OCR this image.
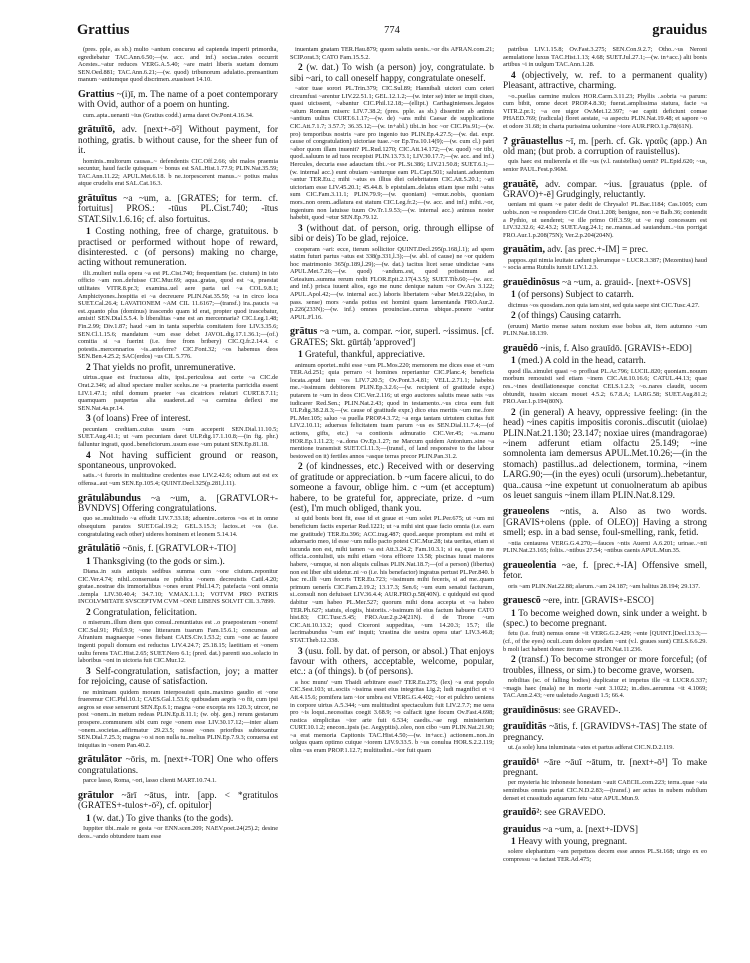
Grattius	774	grauidus
(pres. pple, as sb.) multo ~antum concursu ad capienda imperii primordia, egrediebatur TAC.Ann.6.50;—(w. acc. and inf.) socias..rates occurrit Acestes..~atur reduces VERG.A.5.40; ~are matri liberis suetam domum SEN.Oed.881; TAC.Ann.6.21;—(w. quod) tribunorum adulatio..prensantium manum ~antiumque quod discrimen..euasisset 14.10.
Grattius ~(i)ī, m. The name of a poet contemporary with Ovid, author of a poem on hunting.
cum..apta..uenanti ~ius (Gratius codd.) arma daret Ov.Pont.4.16.34.
grātuītō, adv. [next+-ō²] Without payment, for nothing, gratis. b without cause, for the sheer fun of it.
hominis..multorum causas..~ defendentis CIC.Off.2.66; ubi malos praemia secuntur, haud facile quisquam ~ bonus est SAL.Hist.1.77.9; PLIN.Nat.35.59; TAC.Ann.11.22; APUL.Met.6.18. b ne..torpescerent manus..~ potius malus atque crudelis erat SAL.Cat.16.3.
grātuītus ~a ~um, a. [GRATES; for term. cf. fortuitus] PROS.: -tūus PL.Cist.740; -ītus STAT.Silv.1.6.16; cf. also fortuitus.
1 Costing nothing, free of charge, gratuitous. b practised or performed without hope of reward, disinterested. c (of persons) making no charge, acting without remuneration.
illi..mulieri nulla opera ~a est PL.Cist.740; frequentiam (sc. ciuium) in isto officio ~am non..defuisse CIC.Mur.69; aqua..gratas, quod est ~a, praestat utilitates VITR.8.pr.3; examina..uel aere parta uel ~a COL.9.8.1; Amphictyones..hospitia ei ~a decreuere PLIN.Nat.35.59; ~a in circo loca SUET.Cal.26.4; LAVATIONEM ~AM CIL 11.6167;—(transf.) ira..paucis ~a est..quanto plus (dominus) irascendo quam id erat, propter quod irascebatur, amisit! SEN.Dial.5.5.4. b liberalitas ~ane est an mercennaria? CIC.Leg.1.48; Fin.2.99; Div.1.87; haud ~am in tanta superbia comitatem fore LIV.3.35.6; SEN.Cl.1.15.6; mandatum ~um esse debet JAVOL.dig.17.1.36.1;—(of.) comitia si ~a fuerint (i.e. free from bribery) CIC.Q.fr.2.14.4. c potestis..mercennarios ~is..anteferre? CIC.Font.32; ~os habemus deos SEN.Ben.4.25.2; SAC(erdos) ~us CIL 5.776.
2 That yields no profit, unremunerative.
uirtus..quae est fructuosa aliis, ipsi..periculosa aut certe ~a CIC.de Orat.2.346; ad aliud spectare mulier scelus..ne ~a praeterita parricidia essent LIV.1.47.1; nihil domum praeter ~as cicatrices relaturi CURT.8.7.11; quamquam paupertas alia suaderet..ad ~a carmina deflexi me SEN.Nat.4a.pr.14.
3 (of loans) Free of interest.
pecuniam creditam..cuius usum ~um acceperit SEN.Dial.11.10.5; SUET.Aug.41.1; ut ~am pecuniam daret ULP.dig.17.1.10.8;—(in fig. phr.) falluntur ingrati, quod..beneficiorum..usum esse ~um putant SEN.Ep.81.18.
4 Not having sufficient ground or reason, spontaneous, unprovoked.
satis..~i furoris in multitudine credentes esse LIV.2.42.6; odium aut est ex offensa..aut ~um SEN.Ep.105.4; QUINT.Decl.325(p.281,l.11).
grātulābundus ~a ~um, a. [GRATVLOR+-BVNDVS] Offering congratulations.
quo se..multitudo ~a effudit LIV.7.33.18; aduenire..ceteros ~os et in omne obsequium paratos SUET.Gal.19.2; GEL.3.15.3; lactos..et ~os (i.e. congratulating each other) uideres hominem et leonem 5.14.14.
grātulātiō ~ōnis, f. [GRATVLOR+-TIO]
1 Thanksgiving (to the gods or sim.).
Diana..in suis antiquis sedibus summa cum ~one ciuium..reponitur CIC.Ver.4.74; nihil..conseruata re publica ~onem decreuistis Catil.4.20; gratae..nostrae dis immortalibus ~ones erunt Phil.14.7; patefacta ~oni omnia ..templa LIV.30.40.4; 34.7.10; V.MAX.1.1.1; VOTVM PRO PATRIS INCOLVMITATE SVSCEPTVM CVM ~ONE LIBENS SOLVIT CIL 3.7899.
2 Congratulation, felicitation.
o miserum..illum diem quo consul..renuntiatus est ..o praeposteram ~onem! CIC.Sul.91; Phil.9.9; ~one litterarum tuarum Fam.15.6.1; concursus ad Afranium magnaeque ~ones fiebant CAES.Civ.1.53.2; cum ~one ac fauore ingenti populi domum est reductus LIV.4.24.7; 25.18.15; laetitiam et ~onem uultu ferens TAC.Hist.2.65; SUET.Nero 6.1; (pred. dat.) parenti suo..solacio in laboribus ~oni in uictoria fuit CIC.Mur.12.
3 Self-congratulation, satisfaction, joy; a matter for rejoicing, cause of satisfaction.
ne minimam quidem moram interposuisti quin..maximo gaudio et ~one frueremur CIC.Phil.10.1; CAES.Gal.1.53.6; quibusdam aegris ~o fit, cum ipsi aegros se esse senserunt SEN.Ep.6.1; magna ~one excepta res 120.3; utrcor, ne post ~onem..in metum redeas PLIN.Ep.8.11.1; (w. obj. gen.) rerum gestarum prospere..communem sibi cum rege ~onem esse LIV.30.17.12;—inter aliam ~onem..societas..adfirmatur 29.23.5; nosse ~ones prioribus subtexantur SEN.Dial.7.25.3; magna ~o si non nulla tu..melius PLIN.Ep.7.9.3; conuersa est iniquitas in ~onem Pan.40.2.
grātulātor ~ōris, m. [next+-TOR] One who offers congratulations.
parce lasso, Roma, ~ori, lasso clienti MART.10.74.1.
grātulor ~ārī ~ātus, intr. [app. < *gratitulos (GRATES+-tulos+-ō²), cf. opitulor]
1 (w. dat.) To give thanks (to the gods).
Iuppiter tibi..male re gesta ~or ENN.scen.209; NAEV.poet.24(25).2; desine deos..~ando obtundere tuam esse
inuentam gnatam TER.Hau.879; quom salutis uenis..~or dis AFRAN.com.21; SCIP.orat.3; CATO Fam.15.5.2.
2 (w. dat.) To wish (a person) joy, congratulate. b sibi ~ari, to call oneself happy, congratulate oneself.
~ator tuae sorori PL.Trin.379; CIC.Sul.89; Hannibali uictori cum ceteri circumfusi ~arentur LIV.22.51.1; GEL.12.1.2;—(w. inter se) inter se impii ciues, quasi uicissent, ~abantur CIC.Phil.12.18;—(ellipt.) Carthaginienses..legatos ~atum Romam miserc LIV.7.38.2; (pres. pple. as sb.) dissentire ab animis ~antium uultus CURT.6.1.17;—(w. de) ~ans mihi Caesar de supplicatione CIC.Att.7.1.7; 3.57.7; 36.35.12;—(w. in+abl.) tibi..in hoc ~or CIC.Pis.91;—(w. pro) temporibus nostris ~are pro ingenio tuo PLIN.Ep.4.27.5;—(w. dat. expr. cause of congratulation) uictoriae tuae..~or Ep.Tra.10.14(9);—(w. cum cl.) patri ~abor quom illam inuenit? PL.Rud.1270; CIC.Att.14.172;—(w. quod) ~or tibi, quod..saluum te ad tuos recepisti PLIN.13.73.1; LIV.30.17.7;—(w. acc. and inf.) Hercules, decuria esse adauctam tibi..~or PL.St.386; LIV.21.50.8; SUET.6.1;—(w. internal acc.) eunt obuiam ~anturque eam PL.Capt.501; salutant..aduentum ~antur TER.Eu..; mihi ~atus es illius diei celebritatem CIC.Att.5.20.1; ~ati uictoriam esse LIV.45.20.1; 45.44.8. b epistulam..delatus etiam ipse mihi ~atus sum CIC.Fam.3.11.1; PLIN.79.9;—(w. quoniam) ~emur..nobis, quoniam mors..non orem..adlatura est statum CIC.Leg.fr.2;—(w. acc. and inf.) mihi..~or, ingenium non latuisse tuum Ov.Tr.1.9.53;—(w. internal acc.) animus noster habebit, quod ~etur SEN.Ep.79.12.
3 (without dat. of person, orig. through ellipse of sibi or deis) To be glad, rejoice.
cooperam ~ari: ecce, iterum sollicitor QUINT.Decl.295(p.168,l.1); ad spem statim futuri partus ~atus est 338(p.331,l.3);—(w. abl. of cause) ne ~or quidem hoc matrimonio 365(p.189,l.29);—(w. dat.) tacitus licet serae uindictae ~ans APUL.Met.7.26;—(w. quod) ~andum..est, quod potissimum ad Ceteaium..summa rerum redit FLOR.Epit.2.17(4.3.5); SUET.Tib.60;—(w. acc. and inf.) prisca iuuent alios, ego me nunc denique natum ~or Ov.Ars 3.122; APUL.Apol.42;—(w. internal acc.) laboris libertatem ~abar Met.9.22;(also, in pass. sense) mors ~anda potius est homini quam lamentanda FRO.Aur.2. p.226(233N);—(w. inf.) omnes prouinciae..currus ubique..ponere ~antur APUL.Fl.16.
grātus ~a ~um, a. compar. ~ior, superl. ~issimus. [cf. GRATES; Skt. gūrtáḥ 'approved']
1 Grateful, thankful, appreciative.
animum oportet..mihi esse ~um PL.Mos.220; memorem me dices esse et ~um TER.Ad.251; quia perraro ~i homines reperiantur CIC.Planc.4; beneficia locata..apud tam ~os LIV.7.20.5; Ov.Pont.3.4.81; VELL.2.71.1; habebis me..~issimum debitorem PLIN.Ep.3.2.6;—(w. recipient of gratitude expr.) putarem te ~um in deos CIC.Ver.2.116; ut ergo auctores salutis meae satis ~us iudicarer Red.Sen.; PLIN.Nat.2.43; quod in testamento..~us circa eum fuit ULP.dig.38.2.8.3;—(w. cause of gratitude expr.) dico eius meritis ~um me..fore PL.Mer.105; saluo ~a puella PROP.4.3.72; ~a erga tantam uirtutem ciuitas fuit LIV.2.10.11; aduersus felicitatem tuam parum ~us es SEN.Dial.11.7.4;—(of actions, gifts, etc.) ~a contionis admuratio CIC.Ver.45; ~a..manu HOR.Ep.1.11.23; ~a..dona Ov.Ep.1.27; ne Marcum quidem Antonium..sine ~a mentione transmisit SUET.Cl.11.3;—(transf., of land responsive to the labour bestowed on it) fertiles annos ~asque terras precor PLIN.Pan.31.2.
2 (of kindnesses, etc.) Received with or deserving of gratitude or appreciation. b ~um facere alicui, to do someone a favour, oblige him. c ~um (et acceptum) habere, to be grateful for, appreciate, prize. d ~um (est), I'm much obliged, thank you.
si quid bonis boni fit, esse id et graue et ~um solet PL.Per.675; ut ~um mi beneficium factis experiar Rud.1221; ut ~a mihi sint quae facio omnia (i.e. earn me gratitude) TER.Eu.396; ACC.trag.487; quod..aeque promptum est mihi et aduersario meo, id esse ~um nullo pacto potest CIC.Mur.28; ista ueritas, etiam si iucunda non est, mihi tamen ~a est Att.3.24.2; Fam.10.3.1; si ea, quae in me officia..contulisti, uis mihi etiam ~iora efficere 13.58; piscinas iuuat maiores habere, ~umque, si non aliquis cullnas PLIN.Nat.18.7;—(of a person) (libertus) non est liber sibi uidetur..ni ~o (i.e. his benefactor) ingratus pertust PL.Per.840. b hac re..illi ~um feceris TER.Eu.723; ~issimum mihi feceris, si ad me..quam primum uenerís CIC.Fam.2.19.2; 13.17.3; Sen.6; ~um eum senatui facturum, si..consuli non defuisset LIV.36.4.4; AUR.FRO.p.58(40N). c quidquid est quod dabitur ~um habeo PL.Mer.527; quorum mihi dona accepta et ~a habeo TER.Ph.627; statuis, elogiis, historiis..~issimum id eius factum habuere CATO hist.83; CIC.Tusc.5.45; FRO.Aur.2.p.24(21N). d de Tirone ~um CIC.Att.10.13.2; quod Ciceroni suppeditas, ~um 14.20.3; 15.7; ille lacrimabundus '~um est' inquit; 'crastina die uestra opera utar' LIV.3.46.8; STAT.Theb.12.338.
3 (usu. foll. by dat. of person, or absol.) That enjoys favour with others, acceptable, welcome, popular, etc.: a (of things). b (of persons).
a hoc munu' ~um Thaidi arbitrare esse? TER.Eu.275; (lex) ~a erat populo CIC.Sest.103; ut..sociis ~issima esset eius integritas Lig.2; ludi magnifici et ~i Att.4.15.6; pomifera iam ~ior umbra est VERG.G.4.402; ~ior et pulchro ueniens in corpore uirtus A.5.344; ~um multitudini spectaculum fuit LIV.2.7.7; me uera pro ~is loqui..necessitas coegit 3.68.9; ~o calfacit igne focum Ov.Fast.4.698; rustica simplicitas ~ior arte fuit 6.534; caedis..~ae regi ministerium CURT.10.1.2; enecon..ipsis (sc. Aegyptiis)..oleo, non cibo ~um PLIN.Nat.21.90; ~a erat memoria Capitonis TAC.Hist.4.50;—(w. in+acc.) actionem..non..in uolgus quam optimo cuique ~iorem LIV.9.33.5. b ~us conulua HOR.S.2.2.119; olim ~us eram PROP.1.12.7; multitudini..~ior fuit quam
patribus LIV.1.15.8; Ov.Fast.3.275; SEN.Con.9.2.7; Otho..~us Neroni aemulatione luxus TAC.Hist.1.13; 4.68; SUET.Jul.27.1;—(w. in+acc.) alii bonis artibus ~i in uulgum TAC.Ann.1.28.
4 (objectively, w. ref. to a permanent quality) Pleasant, attractive, charming.
~o..puellas carmine mulces HOR.Carm.3.11.23; Phyllis ..sobria ~a parum: cum bibit, omne decet PROP.4.8.30; fuerat..amplissima statura, facie ~a VITR.2.pr.1; ~a ore uigor Ov.Met.12.397; ~ae capiti deficiunt comae PHAED.769; (radicula) floret aestate, ~a aspectu PLIN.Nat.19.48; et sapore ~o et odore 31.68; in charta purissima uolumine ~iore AUR.FRO.1.p.78(61N).
? grāuastellus ~ī, m. [perh. cf. Gk. γραῦς (app.) An old man; (but prob. a corruption of rauistellus).
quis haec est mulierenla et ille ~us (v.l. rauistellus) uenit? PL.Epid.620; ~us, senior PAUL.Fest.p.96M.
grauātē, adv. compar. ~ius. [grauatus (pple. of GRAVO)+-ē] Grudgingly, reluctantly.
ueniam mi quam ~e pater dedit de Chrysalo! PL.Bac.1184; Cas.1005; cum uobis..non ~e respondero CIC.de Orat.1.208; benigne, non ~e Balb.36; contendit a Pythio, ut uenderet; ~e ille primo Off.3.59; ut ~e regi concessum est LIV.32.32.6; 42.43.2; SUET.Aug.24.1; ne..manus..ad sauiandum..~ius porrigat FRO.Aur.1.p.208(75N); Ver.2.p.204(204N).
grauātim, adv. [as prec.+-IM] = prec.
pappos..qui nimia leuitate cadunt plerumque ~ LUCR.3.387; (Mezentius) haud ~ socia arma Rutulis iunxit LIV.1.2.3.
grauēdinōsus ~a ~um, a. grauid-. [next+-OSVS]
1 (of persons) Subject to catarrh.
dicimus ~os quosdam..non quia iam sint, sed quia saepe sint CIC.Tusc.4.27.
2 (of things) Causing catarrh.
(eruum) Martio mense satum noxium esse bobus ait, item autumno ~um PLIN.Nat.18.139.
grauēdō ~inis, f. Also grauīdō. [GRAVIS+-EDO]
1 (med.) A cold in the head, catarrh.
quod illa..simulet quasi ~o profluat PL.Ar.796; LUCIL.820; quoniam..nouum morbum remouisti sed etiam ~inem CIC.Att.10.16.6; CATUL.44.13; quae res..~ines destillationesque concitat CELS.1.2.3; ~o..nares claudit, uocem obtundit, tussim siccam mouet 4.5.2; 6.7.8.A; LARG.58; SUET.Aug.81.2; FRO.Aur.1.p.194(80N).
2 (in general) A heavy, oppressive feeling: (in the head) ~ines capitis impositis coronis..discutit (uiolae) PLIN.Nat.21.130; 23.147; noxiae uires (mandragorae) ~inem adferunt etiam olfactu 25.149; ~ine somnolenta iam demersus APUL.Met.10.26;—(in the stomach) pastillus..ad delectionem, tormina, ~inem LARG.90;—(in the eyes) oculi (ursorum)..hebetantur, qua..causa ~ine expetunt ut conuolneratum ab apibus os leuet sanguis ~inem illam PLIN.Nat.8.129.
graueolens ~ntis, a. Also as two words. [GRAVIS+olens (pple. of OLEO)] Having a strong smell; esp. in a bad sense, foul-smelling, rank, fetid.
~ntia centaurea VERG.G.4.270;—fauces ~ntis Auerni A.6.201; urinae..~nti PLIN.Nat.23.165; foliis..~ntibus 27.54; ~ntibus caenis APUL.Mun.35.
graueolentia ~ae, f. [prec.+-IA] Offensive smell, fetor.
oris ~am PLIN.Nat.22.88; alarum..~am 24.187; ~am halitus 28.194; 29.137.
grauescō ~ere, intr. [GRAVIS+-ESCO]
1 To become weighed down, sink under a weight. b (spec.) to become pregnant.
fetu (i.e. fruit) nemus omne ~it VERG.G.2.429; ~ente [QUINT.]Decl.13.3;—(cf., of the eyes) oculi..cum dolore quodam ~unt (v.l. graues sunt) CELS.6.6.29. b moli lact habent donec iterum ~ant PLIN.Nat.11.236.
2 (transf.) To become stronger or more forceful; (of troubles, illness, or sim.) to become grave, worsen.
nobilitas (sc. of falling bodies) duplicatur et impetus ille ~it LUCR.6.337; ~magis haec (mala) ne in morte ~ant 3.1022; in..dies..aerumna ~it 4.1069; TAC.Ann.2.43; ~ere ualetudo Augusti 1.5; 66.4.
grauīdinōsus: see GRAVED-.
grauīditās ~ātis, f. [GRAVIDVS+-TAS] The state of pregnancy.
ut..(a sole) luna inluminata ~ates et partus adferat CIC.N.D.2.119.
grauīdō¹ ~āre ~āuī ~ātum, tr. [next+-ō¹] To make pregnant.
per mysteria hic inhoneste honestam ~auit CAECIL.com.223; terra..quae ~ata seminibus omnia pariat CIC.N.D.2.83;—(transf.) aer actus in nubem nubilum denset et crassitudo aquarum fetu ~atur APUL.Mun.9.
grauīdō²: see GRAVEDO.
grauidus ~a ~um, a. [next+-IDVS]
1 Heavy with young, pregnant.
solere elephantum ~am perpetuos decem esse annos PL.St.168; uirgo ex eo compressu ~a factast TER.Ad.475;
